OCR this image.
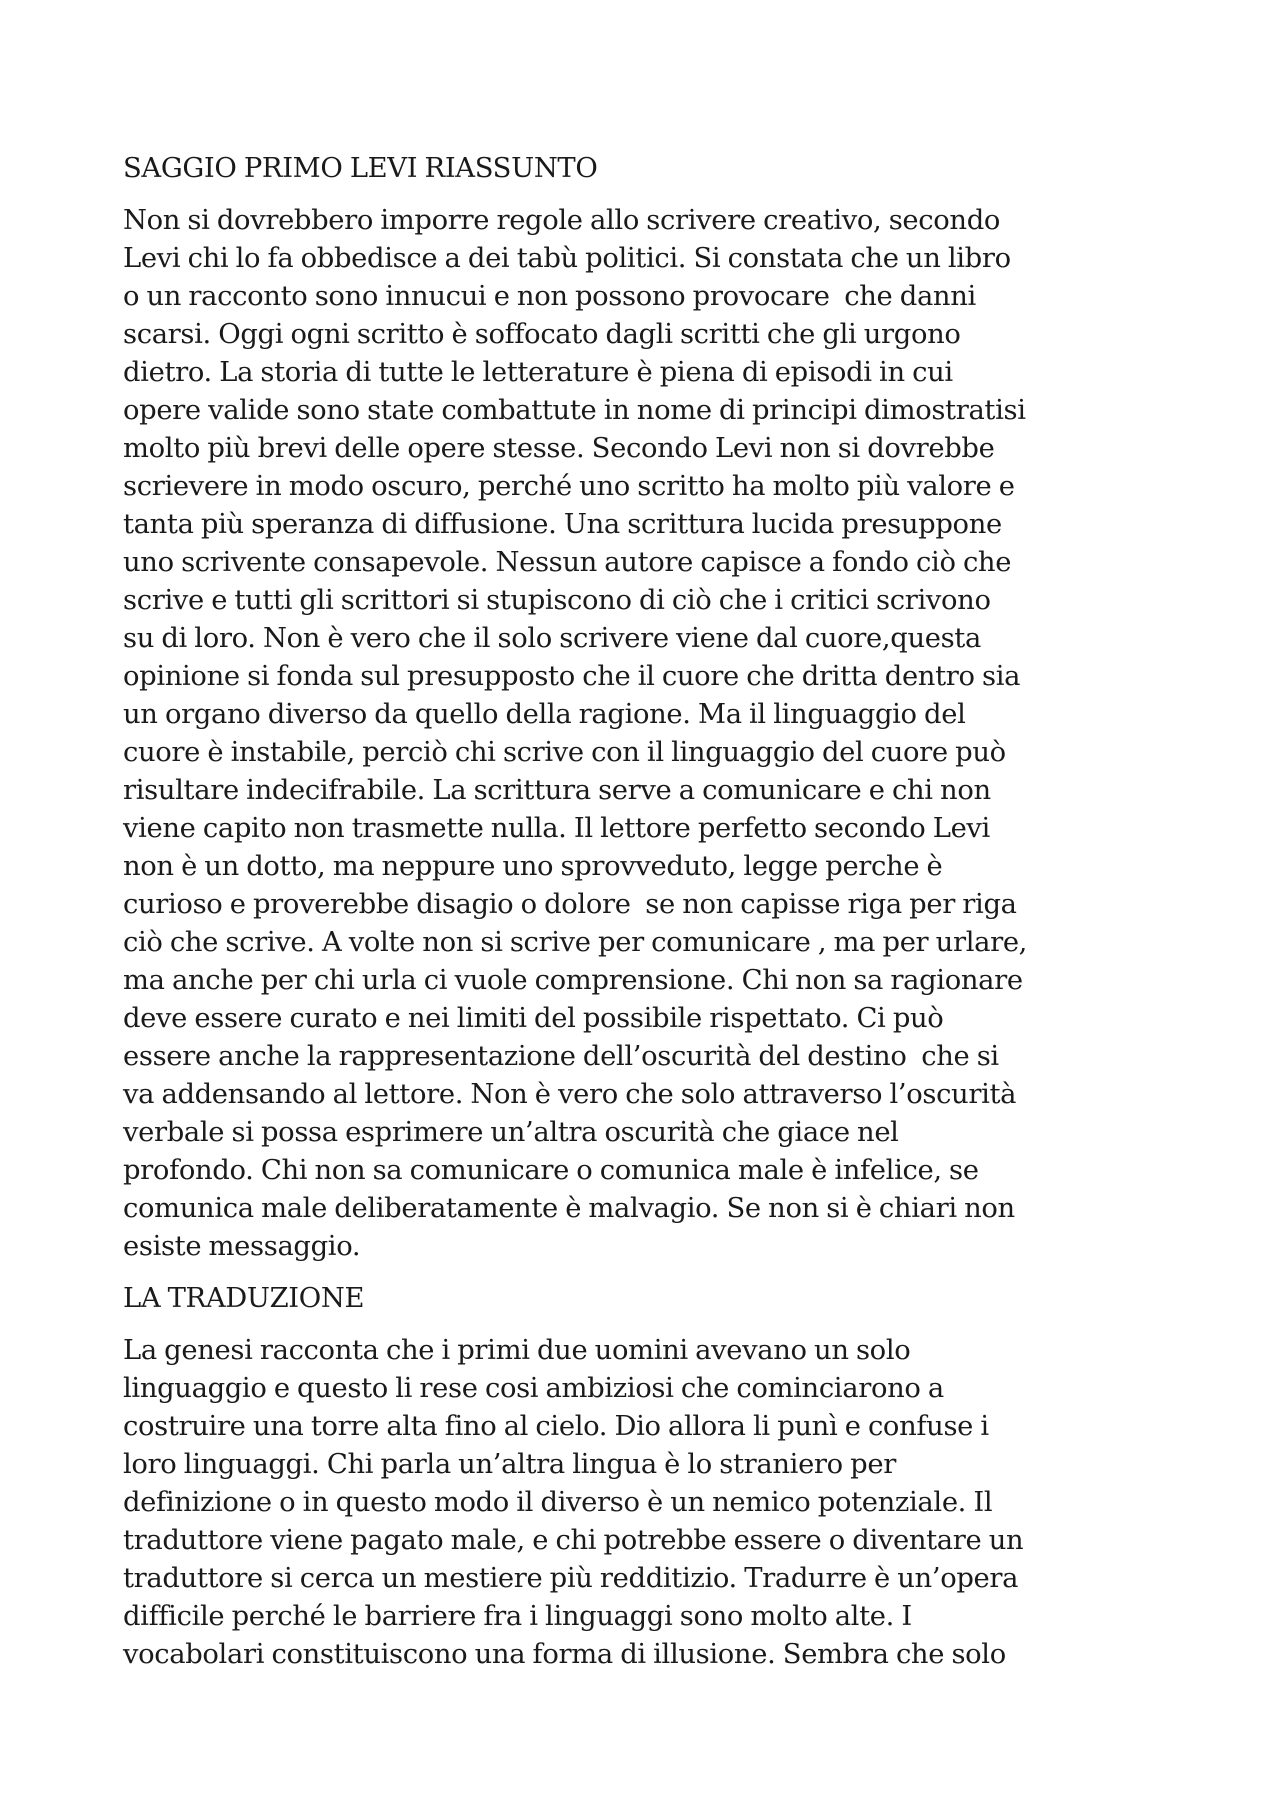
SAGGIO PRIMO LEVI RIASSUNTO

Non si dovrebbero imporre regole allo scrivere creativo, secondo
Levi chi lo fa obbedisce a dei tabù politici. Si constata che un libro
o un racconto sono innucui e non possono provocare  che danni
scarsi. Oggi ogni scritto è soffocato dagli scritti che gli urgono
dietro. La storia di tutte le letterature è piena di episodi in cui
opere valide sono state combattute in nome di principi dimostratisi
molto più brevi delle opere stesse. Secondo Levi non si dovrebbe
scrievere in modo oscuro, perché uno scritto ha molto più valore e
tanta più speranza di diffusione. Una scrittura lucida presuppone
uno scrivente consapevole. Nessun autore capisce a fondo ciò che
scrive e tutti gli scrittori si stupiscono di ciò che i critici scrivono
su di loro. Non è vero che il solo scrivere viene dal cuore,questa
opinione si fonda sul presupposto che il cuore che dritta dentro sia
un organo diverso da quello della ragione. Ma il linguaggio del
cuore è instabile, perciò chi scrive con il linguaggio del cuore può
risultare indecifrabile. La scrittura serve a comunicare e chi non
viene capito non trasmette nulla. Il lettore perfetto secondo Levi
non è un dotto, ma neppure uno sprovveduto, legge perche è
curioso e proverebbe disagio o dolore  se non capisse riga per riga
ciò che scrive. A volte non si scrive per comunicare , ma per urlare,
ma anche per chi urla ci vuole comprensione. Chi non sa ragionare
deve essere curato e nei limiti del possibile rispettato. Ci può
essere anche la rappresentazione dell’oscurità del destino  che si
va addensando al lettore. Non è vero che solo attraverso l’oscurità
verbale si possa esprimere un’altra oscurità che giace nel
profondo. Chi non sa comunicare o comunica male è infelice, se
comunica male deliberatamente è malvagio. Se non si è chiari non
esiste messaggio.

LA TRADUZIONE

La genesi racconta che i primi due uomini avevano un solo
linguaggio e questo li rese cosi ambiziosi che cominciarono a
costruire una torre alta fino al cielo. Dio allora li punì e confuse i
loro linguaggi. Chi parla un’altra lingua è lo straniero per
definizione o in questo modo il diverso è un nemico potenziale. Il
traduttore viene pagato male, e chi potrebbe essere o diventare un
traduttore si cerca un mestiere più redditizio. Tradurre è un’opera
difficile perché le barriere fra i linguaggi sono molto alte. I
vocabolari constituiscono una forma di illusione. Sembra che solo
